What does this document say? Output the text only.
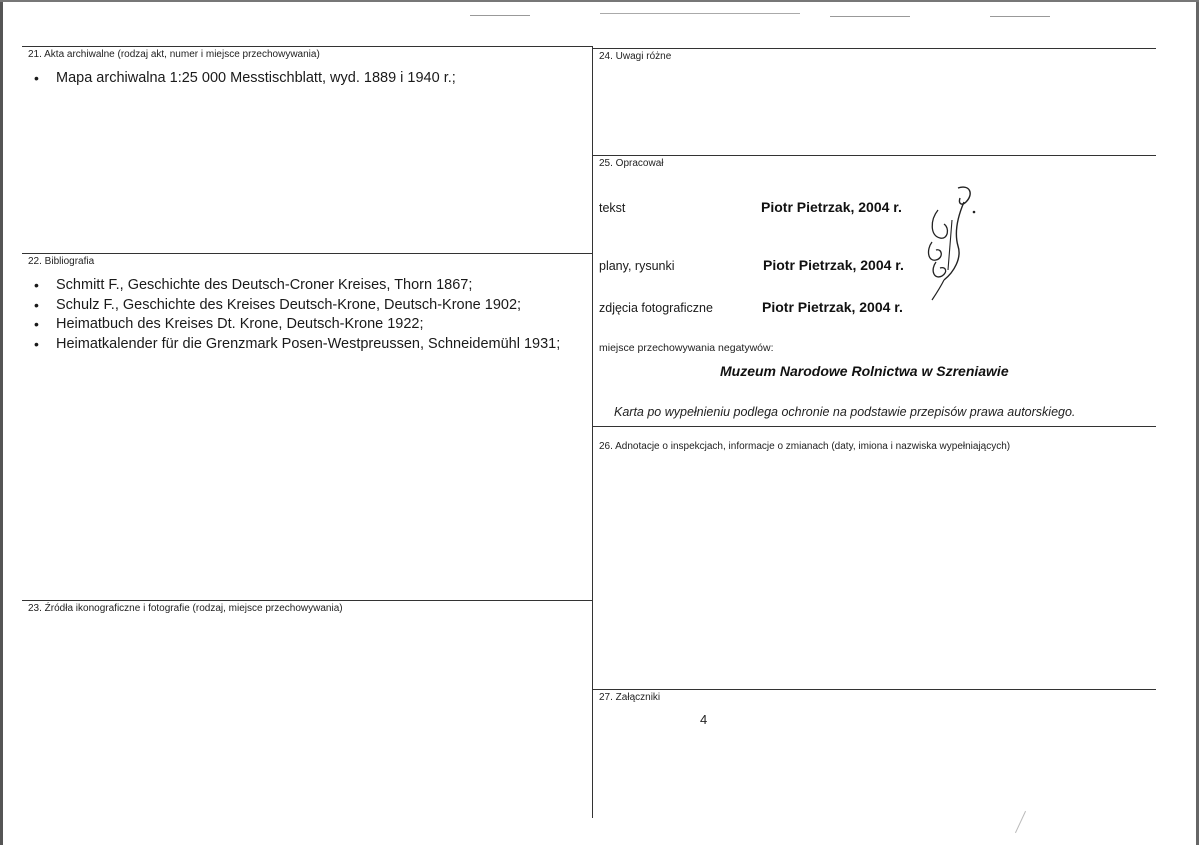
21. Akta archiwalne (rodzaj akt, numer i miejsce przechowywania)
• Mapa archiwalna 1:25 000 Messtischblatt, wyd. 1889 i 1940 r.;
22. Bibliografia
• Schmitt F., Geschichte des Deutsch-Croner Kreises, Thorn 1867;
• Schulz F., Geschichte des Kreises Deutsch-Krone, Deutsch-Krone 1902;
• Heimatbuch des Kreises Dt. Krone, Deutsch-Krone 1922;
• Heimatkalender für die Grenzmark Posen-Westpreussen, Schneidemühl 1931;
23. Źródła ikonograficzne i fotografie (rodzaj, miejsce przechowywania)
24. Uwagi różne
25. Opracował
tekst	Piotr Pietrzak, 2004 r.
plany, rysunki	Piotr Pietrzak, 2004 r.
zdjęcia fotograficzne	Piotr Pietrzak, 2004 r.
miejsce przechowywania negatywów:
Muzeum Narodowe Rolnictwa w Szreniawie
Karta po wypełnieniu podlega ochronie na podstawie przepisów prawa autorskiego.
26. Adnotacje o inspekcjach, informacje o zmianach (daty, imiona i nazwiska wypełniających)
27. Załączniki
4
